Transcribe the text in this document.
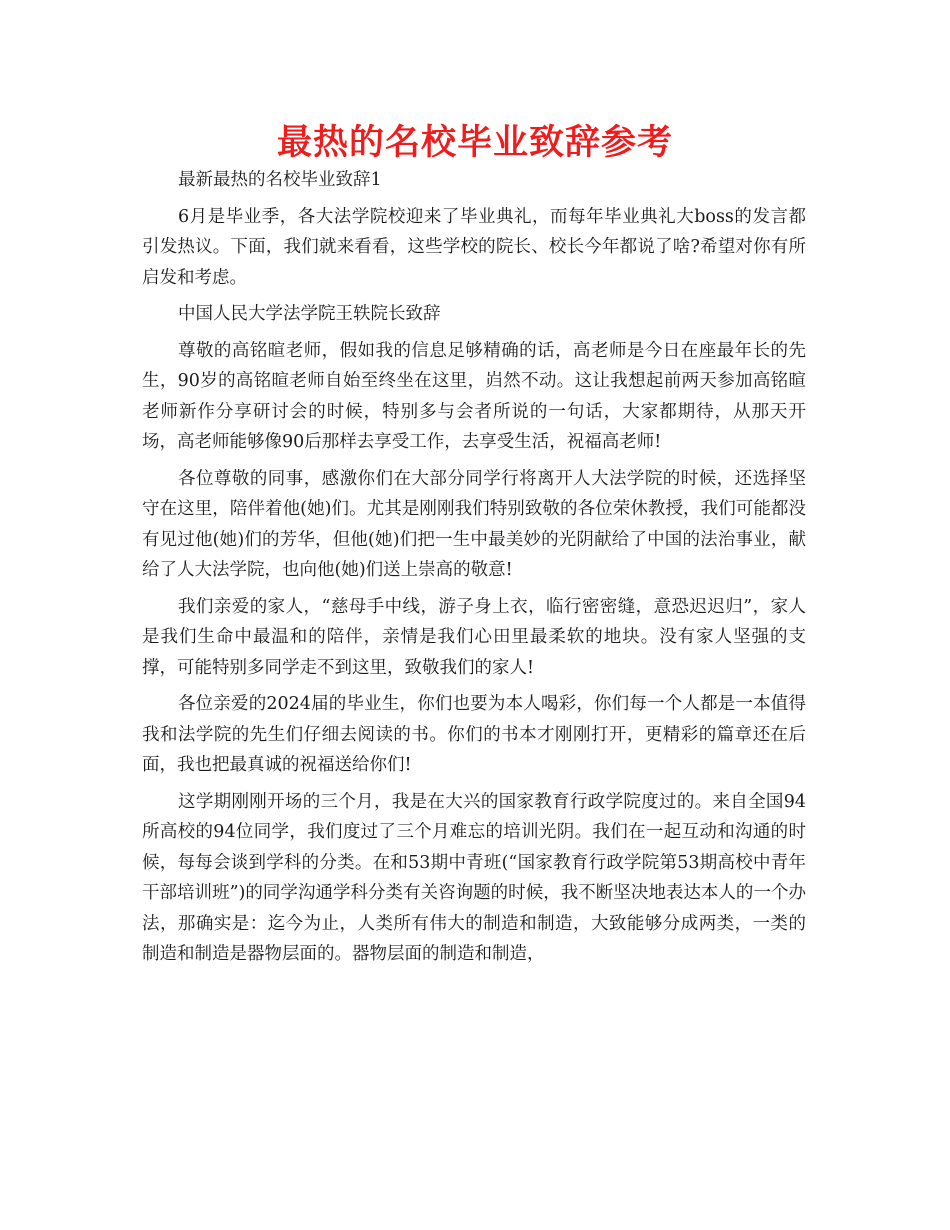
最热的名校毕业致辞参考

最新最热的名校毕业致辞1

6月是毕业季，各大法学院校迎来了毕业典礼，而每年毕业典礼大boss的发言都引发热议。下面，我们就来看看，这些学校的院长、校长今年都说了啥?希望对你有所启发和考虑。

中国人民大学法学院王轶院长致辞

尊敬的高铭暄老师，假如我的信息足够精确的话，高老师是今日在座最年长的先生，90岁的高铭暄老师自始至终坐在这里，岿然不动。这让我想起前两天参加高铭暄老师新作分享研讨会的时候，特别多与会者所说的一句话，大家都期待，从那天开场，高老师能够像90后那样去享受工作，去享受生活，祝福高老师!

各位尊敬的同事，感激你们在大部分同学行将离开人大法学院的时候，还选择坚守在这里，陪伴着他(她)们。尤其是刚刚我们特别致敬的各位荣休教授，我们可能都没有见过他(她)们的芳华，但他(她)们把一生中最美妙的光阴献给了中国的法治事业，献给了人大法学院，也向他(她)们送上崇高的敬意!

我们亲爱的家人，“慈母手中线，游子身上衣，临行密密缝，意恐迟迟归”，家人是我们生命中最温和的陪伴，亲情是我们心田里最柔软的地块。没有家人坚强的支撑，可能特别多同学走不到这里，致敬我们的家人!

各位亲爱的2024届的毕业生，你们也要为本人喝彩，你们每一个人都是一本值得我和法学院的先生们仔细去阅读的书。你们的书本才刚刚打开，更精彩的篇章还在后面，我也把最真诚的祝福送给你们!

这学期刚刚开场的三个月，我是在大兴的国家教育行政学院度过的。来自全国94所高校的94位同学，我们度过了三个月难忘的培训光阴。我们在一起互动和沟通的时候，每每会谈到学科的分类。在和53期中青班(“国家教育行政学院第53期高校中青年干部培训班”)的同学沟通学科分类有关咨询题的时候，我不断坚决地表达本人的一个办法，那确实是：迄今为止，人类所有伟大的制造和制造，大致能够分成两类，一类的制造和制造是器物层面的。器物层面的制造和制造，
